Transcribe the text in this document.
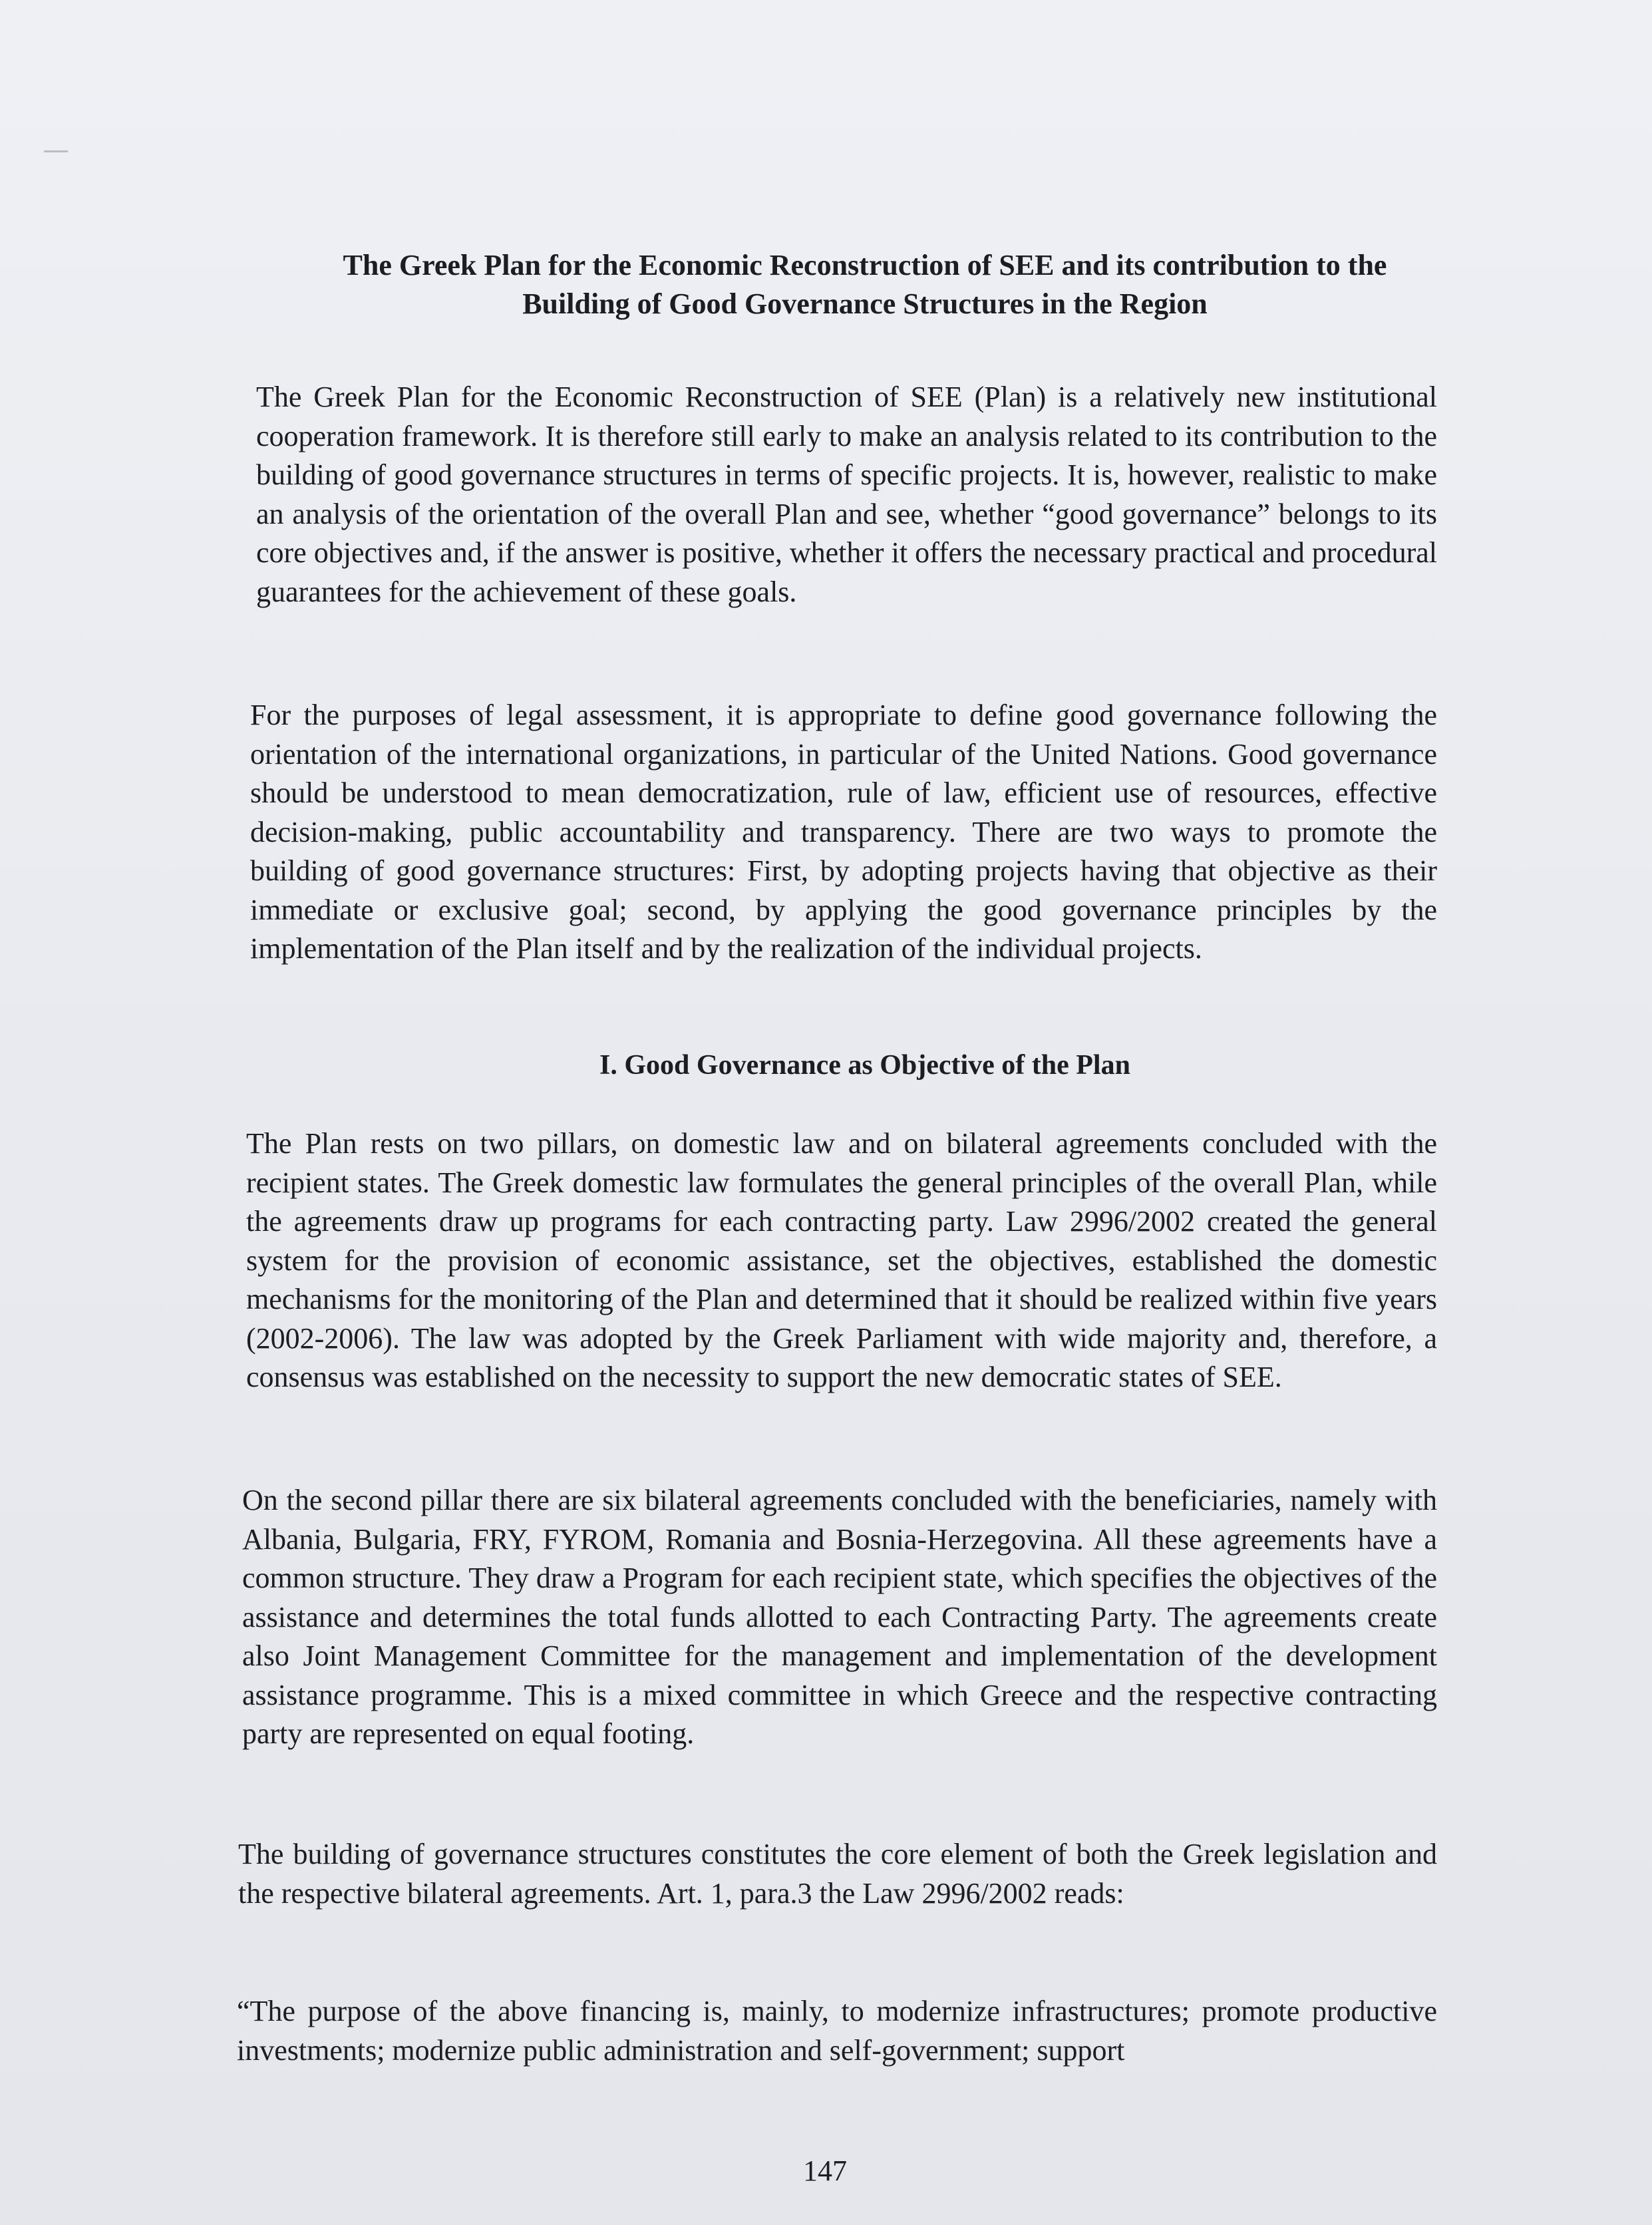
The Greek Plan for the Economic Reconstruction of SEE and its contribution to the
Building of Good Governance Structures in the Region

The Greek Plan for the Economic Reconstruction of SEE (Plan) is a relatively new institutional cooperation framework. It is therefore still early to make an analysis related to its contribution to the building of good governance structures in terms of specific projects. It is, however, realistic to make an analysis of the orientation of the overall Plan and see, whether “good governance” belongs to its core objectives and, if the answer is positive, whether it offers the necessary practical and procedural guarantees for the achievement of these goals.

For the purposes of legal assessment, it is appropriate to define good governance following the orientation of the international organizations, in particular of the United Nations. Good governance should be understood to mean democratization, rule of law, efficient use of resources, effective decision-making, public accountability and transparency. There are two ways to promote the building of good governance structures: First, by adopting projects having that objective as their immediate or exclusive goal; second, by applying the good governance principles by the implementation of the Plan itself and by the realization of the individual projects.

I. Good Governance as Objective of the Plan

The Plan rests on two pillars, on domestic law and on bilateral agreements concluded with the recipient states. The Greek domestic law formulates the general principles of the overall Plan, while the agreements draw up programs for each contracting party. Law 2996/2002 created the general system for the provision of economic assistance, set the objectives, established the domestic mechanisms for the monitoring of the Plan and determined that it should be realized within five years (2002-2006). The law was adopted by the Greek Parliament with wide majority and, therefore, a consensus was established on the necessity to support the new democratic states of SEE.

On the second pillar there are six bilateral agreements concluded with the beneficiaries, namely with Albania, Bulgaria, FRY, FYROM, Romania and Bosnia-Herzegovina. All these agreements have a common structure. They draw a Program for each recipient state, which specifies the objectives of the assistance and determines the total funds allotted to each Contracting Party. The agreements create also Joint Management Committee for the management and implementation of the development assistance programme. This is a mixed committee in which Greece and the respective contracting party are represented on equal footing.

The building of governance structures constitutes the core element of both the Greek legislation and the respective bilateral agreements. Art. 1, para.3 the Law 2996/2002 reads:

“The purpose of the above financing is, mainly, to modernize infrastructures; promote productive investments; modernize public administration and self-government; support

147
